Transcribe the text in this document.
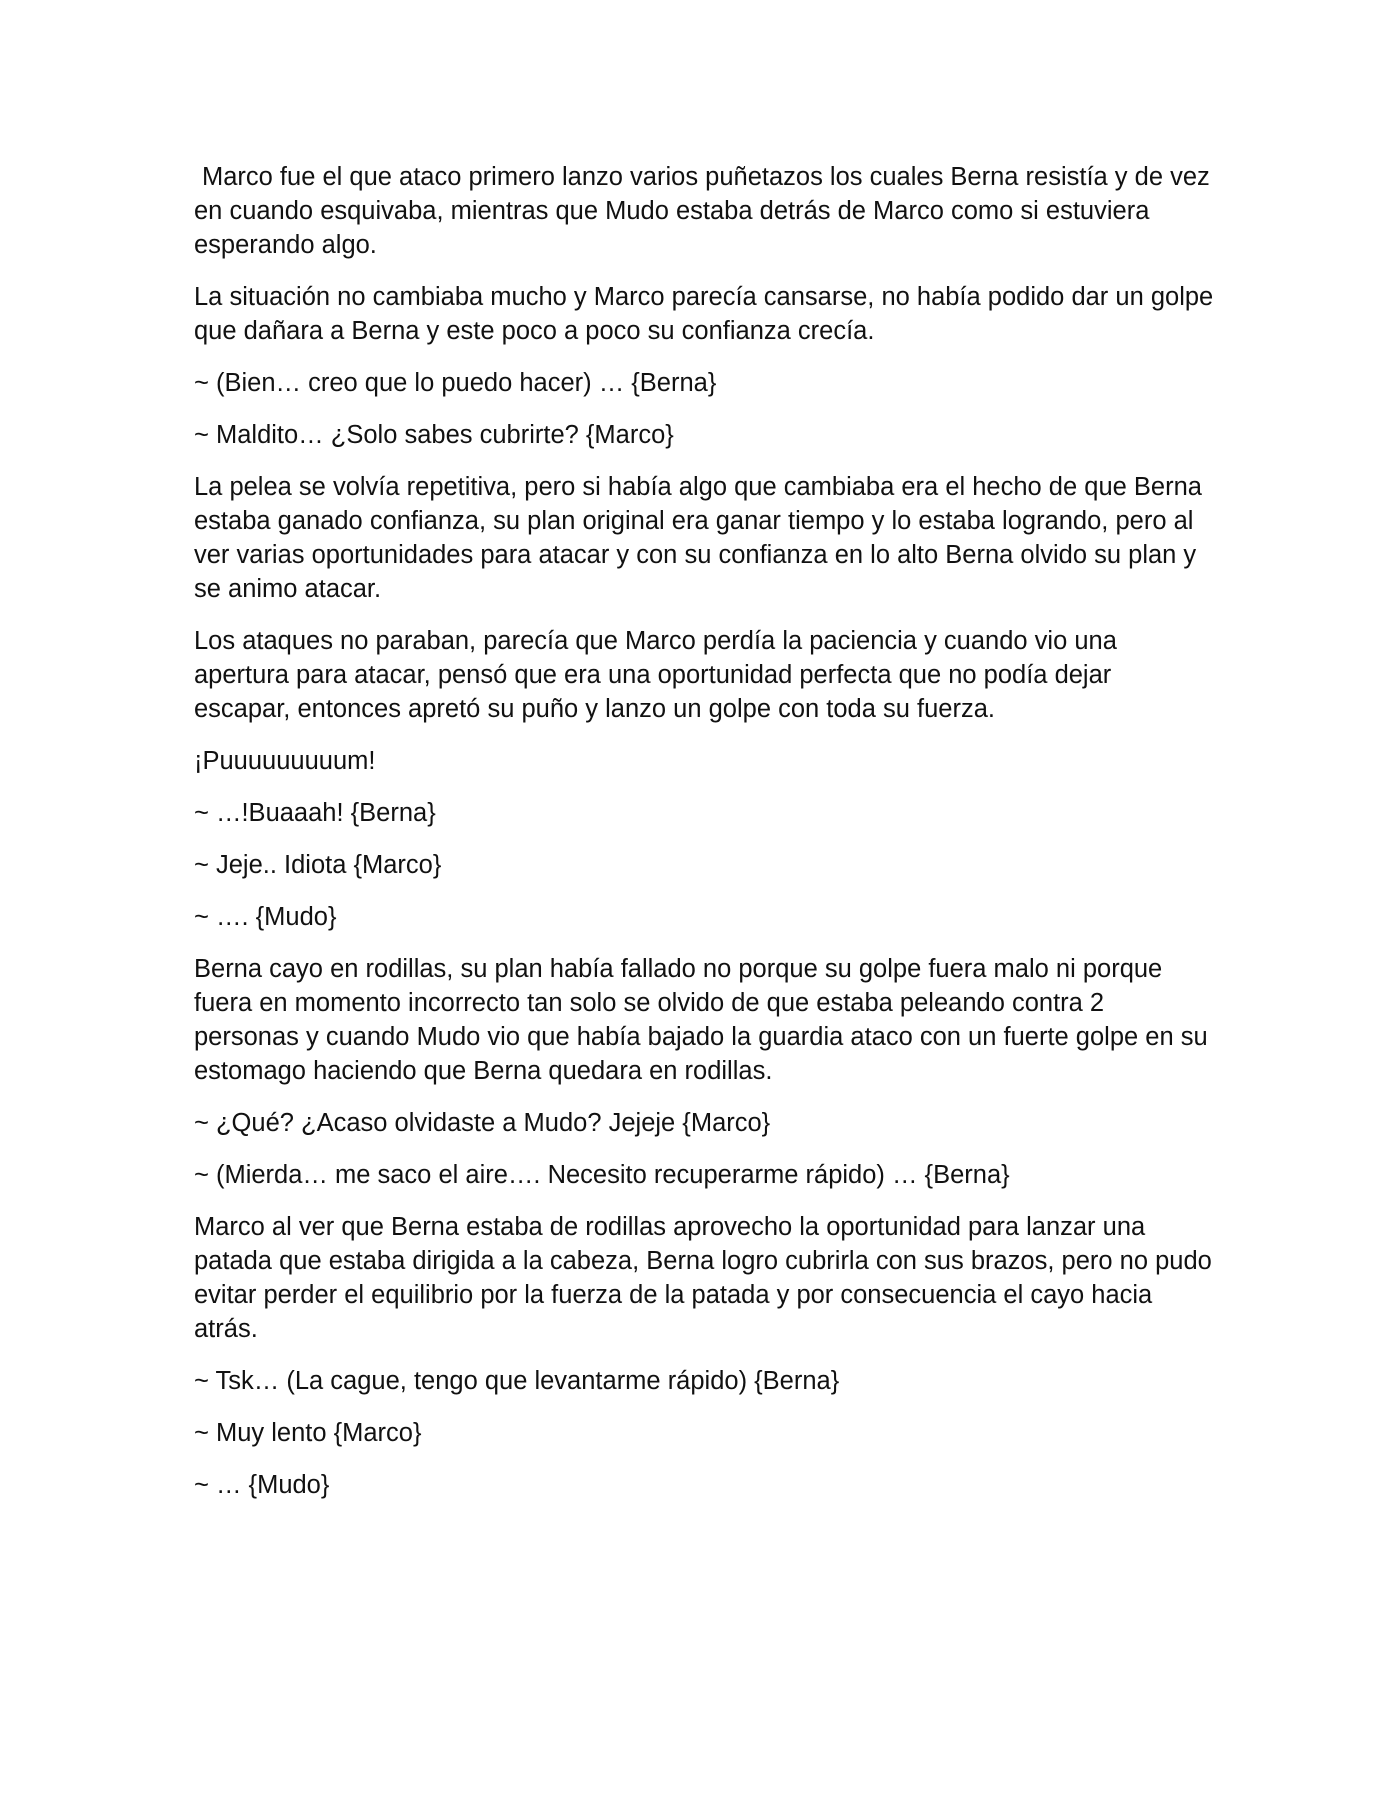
Marco fue el que ataco primero lanzo varios puñetazos los cuales Berna resistía y de vez en cuando esquivaba, mientras que Mudo estaba detrás de Marco como si estuviera esperando algo.

La situación no cambiaba mucho y Marco parecía cansarse, no había podido dar un golpe que dañara a Berna y este poco a poco su confianza crecía.

~ (Bien… creo que lo puedo hacer) … {Berna}

~ Maldito… ¿Solo sabes cubrirte? {Marco}

La pelea se volvía repetitiva, pero si había algo que cambiaba era el hecho de que Berna estaba ganado confianza, su plan original era ganar tiempo y lo estaba logrando, pero al ver varias oportunidades para atacar y con su confianza en lo alto Berna olvido su plan y se animo atacar.

Los ataques no paraban, parecía que Marco perdía la paciencia y cuando vio una apertura para atacar, pensó que era una oportunidad perfecta que no podía dejar escapar, entonces apretó su puño y lanzo un golpe con toda su fuerza.

¡Puuuuuuuuum!

~ …!Buaaah! {Berna}

~ Jeje.. Idiota {Marco}

~ …. {Mudo}

Berna cayo en rodillas, su plan había fallado no porque su golpe fuera malo ni porque fuera en momento incorrecto tan solo se olvido de que estaba peleando contra 2 personas y cuando Mudo vio que había bajado la guardia ataco con un fuerte golpe en su estomago haciendo que Berna quedara en rodillas.

~ ¿Qué? ¿Acaso olvidaste a Mudo? Jejeje {Marco}

~ (Mierda… me saco el aire…. Necesito recuperarme rápido) … {Berna}

Marco al ver que Berna estaba de rodillas aprovecho la oportunidad para lanzar una patada que estaba dirigida a la cabeza, Berna logro cubrirla con sus brazos, pero no pudo evitar perder el equilibrio por la fuerza de la patada y por consecuencia el cayo hacia atrás.

~ Tsk… (La cague, tengo que levantarme rápido) {Berna}

~ Muy lento {Marco}

~ … {Mudo}
